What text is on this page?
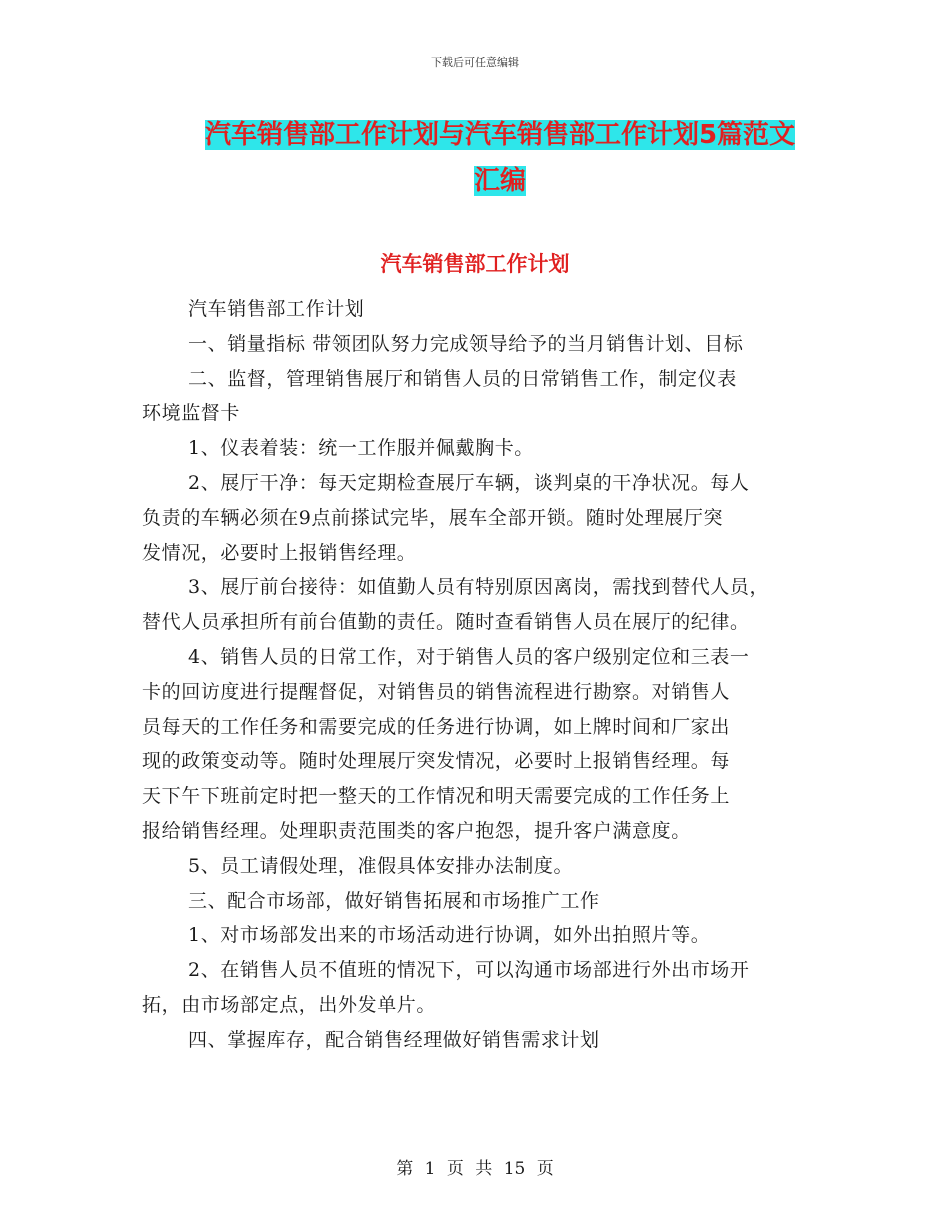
下载后可任意编辑
汽车销售部工作计划与汽车销售部工作计划5篇范文
汇编
汽车销售部工作计划
汽车销售部工作计划
一、销量指标 带领团队努力完成领导给予的当月销售计划、目标
二、监督，管理销售展厅和销售人员的日常销售工作，制定仪表
环境监督卡
1、仪表着装：统一工作服并佩戴胸卡。
2、展厅干净：每天定期检查展厅车辆，谈判桌的干净状况。每人
负责的车辆必须在9点前搽试完毕，展车全部开锁。随时处理展厅突
发情况，必要时上报销售经理。
3、展厅前台接待：如值勤人员有特别原因离岗，需找到替代人员，
替代人员承担所有前台值勤的责任。随时查看销售人员在展厅的纪律。
4、销售人员的日常工作，对于销售人员的客户级别定位和三表一
卡的回访度进行提醒督促，对销售员的销售流程进行勘察。对销售人
员每天的工作任务和需要完成的任务进行协调，如上牌时间和厂家出
现的政策变动等。随时处理展厅突发情况，必要时上报销售经理。每
天下午下班前定时把一整天的工作情况和明天需要完成的工作任务上
报给销售经理。处理职责范围类的客户抱怨，提升客户满意度。
5、员工请假处理，准假具体安排办法制度。
三、配合市场部，做好销售拓展和市场推广工作
1、对市场部发出来的市场活动进行协调，如外出拍照片等。
2、在销售人员不值班的情况下，可以沟通市场部进行外出市场开
拓，由市场部定点，出外发单片。
四、掌握库存，配合销售经理做好销售需求计划
第 1 页 共 15 页
